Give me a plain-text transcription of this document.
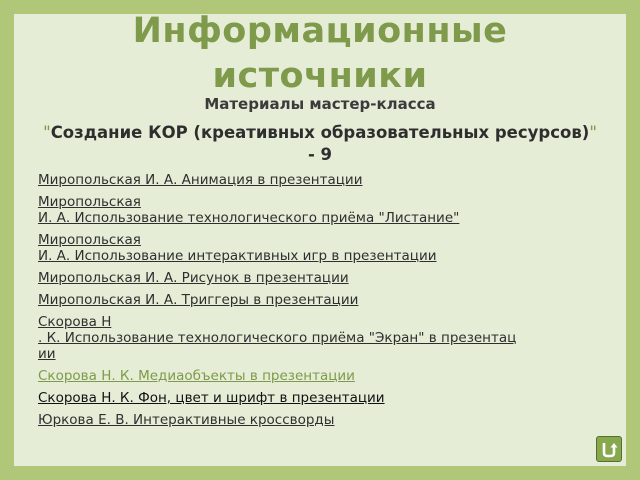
Информационные
источники
Материалы мастер-класса
"Создание КОР (креативных образовательных ресурсов)" - 9
Миропольская И. А. Анимация в презентации
Миропольская
И. А. Использование технологического приёма "Листание"
Миропольская
И. А. Использование интерактивных игр в презентации
Миропольская И. А. Рисунок в презентации
Миропольская И. А. Триггеры в презентации
Скорова Н
. К. Использование технологического приёма "Экран" в презентац
ии
Скорова Н. К. Медиаобъекты в презентации
Скорова Н. К. Фон, цвет и шрифт в презентации
Юркова Е. В. Интерактивные кроссворды
